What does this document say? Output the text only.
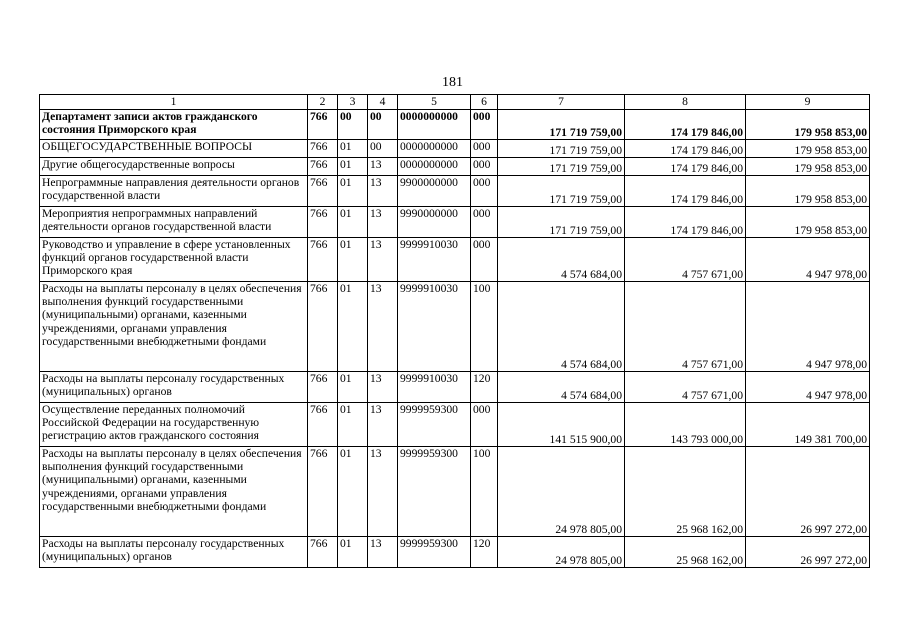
181
1	2	3	4	5	6	7	8	9
Департамент записи актов гражданского состояния Приморского края	766	00	00	0000000000	000	171 719 759,00	174 179 846,00	179 958 853,00
ОБЩЕГОСУДАРСТВЕННЫЕ ВОПРОСЫ	766	01	00	0000000000	000	171 719 759,00	174 179 846,00	179 958 853,00
Другие общегосударственные вопросы	766	01	13	0000000000	000	171 719 759,00	174 179 846,00	179 958 853,00
Непрограммные направления деятельности органов государственной власти	766	01	13	9900000000	000	171 719 759,00	174 179 846,00	179 958 853,00
Мероприятия непрограммных направлений деятельности органов государственной власти	766	01	13	9990000000	000	171 719 759,00	174 179 846,00	179 958 853,00
Руководство и управление в сфере установленных функций органов государственной власти Приморского края	766	01	13	9999910030	000	4 574 684,00	4 757 671,00	4 947 978,00
Расходы на выплаты персоналу в целях обеспечения выполнения функций государственными (муниципальными) органами, казенными учреждениями, органами управления государственными внебюджетными фондами	766	01	13	9999910030	100	4 574 684,00	4 757 671,00	4 947 978,00
Расходы на выплаты персоналу государственных (муниципальных) органов	766	01	13	9999910030	120	4 574 684,00	4 757 671,00	4 947 978,00
Осуществление переданных полномочий Российской Федерации на государственную регистрацию актов гражданского состояния	766	01	13	9999959300	000	141 515 900,00	143 793 000,00	149 381 700,00
Расходы на выплаты персоналу в целях обеспечения выполнения функций государственными (муниципальными) органами, казенными учреждениями, органами управления государственными внебюджетными фондами	766	01	13	9999959300	100	24 978 805,00	25 968 162,00	26 997 272,00
Расходы на выплаты персоналу государственных (муниципальных) органов	766	01	13	9999959300	120	24 978 805,00	25 968 162,00	26 997 272,00
